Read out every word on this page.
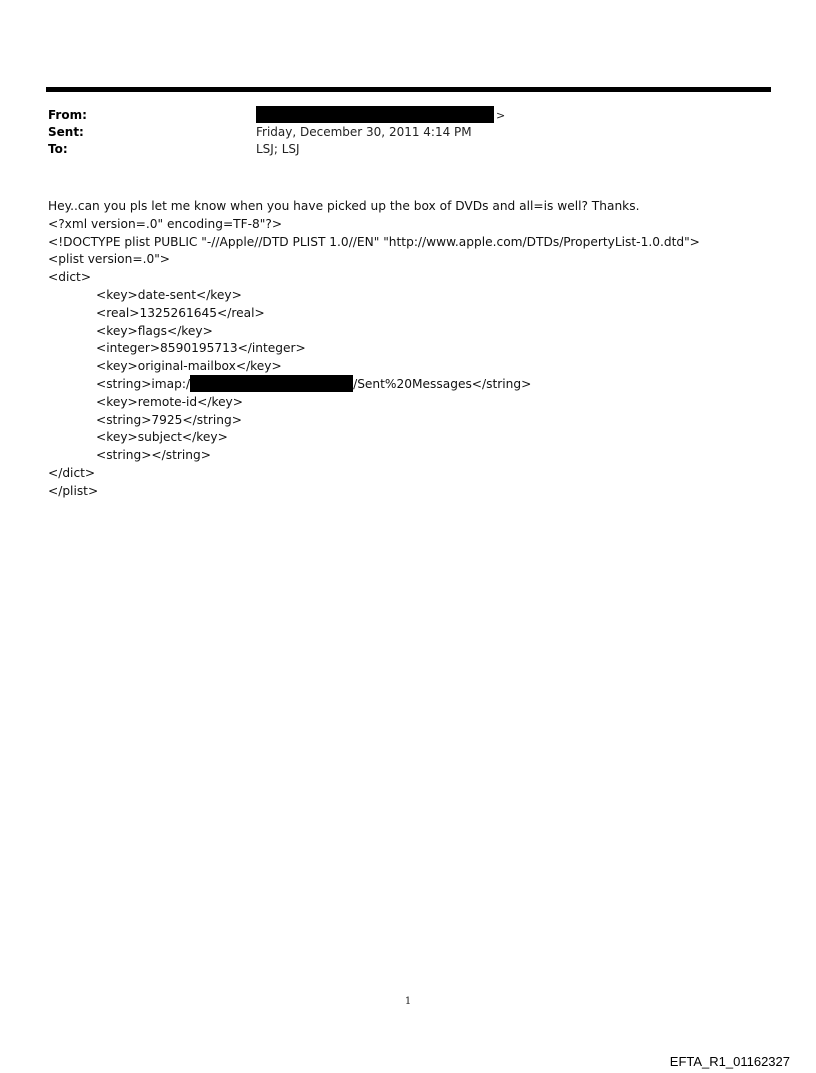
From:	>
Sent:	Friday, December 30, 2011 4:14 PM
To:	LSJ; LSJ
Hey..can you pls let me know when you have picked up the box of DVDs and all=is well? Thanks.
<?xml version=.0" encoding=TF-8"?>
<!DOCTYPE plist PUBLIC "-//Apple//DTD PLIST 1.0//EN" "http://www.apple.com/DTDs/PropertyList-1.0.dtd">
<plist version=.0">
<dict>
<key>date-sent</key>
<real>1325261645</real>
<key>flags</key>
<integer>8590195713</integer>
<key>original-mailbox</key>
<string>imap:/	/Sent%20Messages</string>
<key>remote-id</key>
<string>7925</string>
<key>subject</key>
<string></string>
</dict>
</plist>
1
EFTA_R1_01162327
